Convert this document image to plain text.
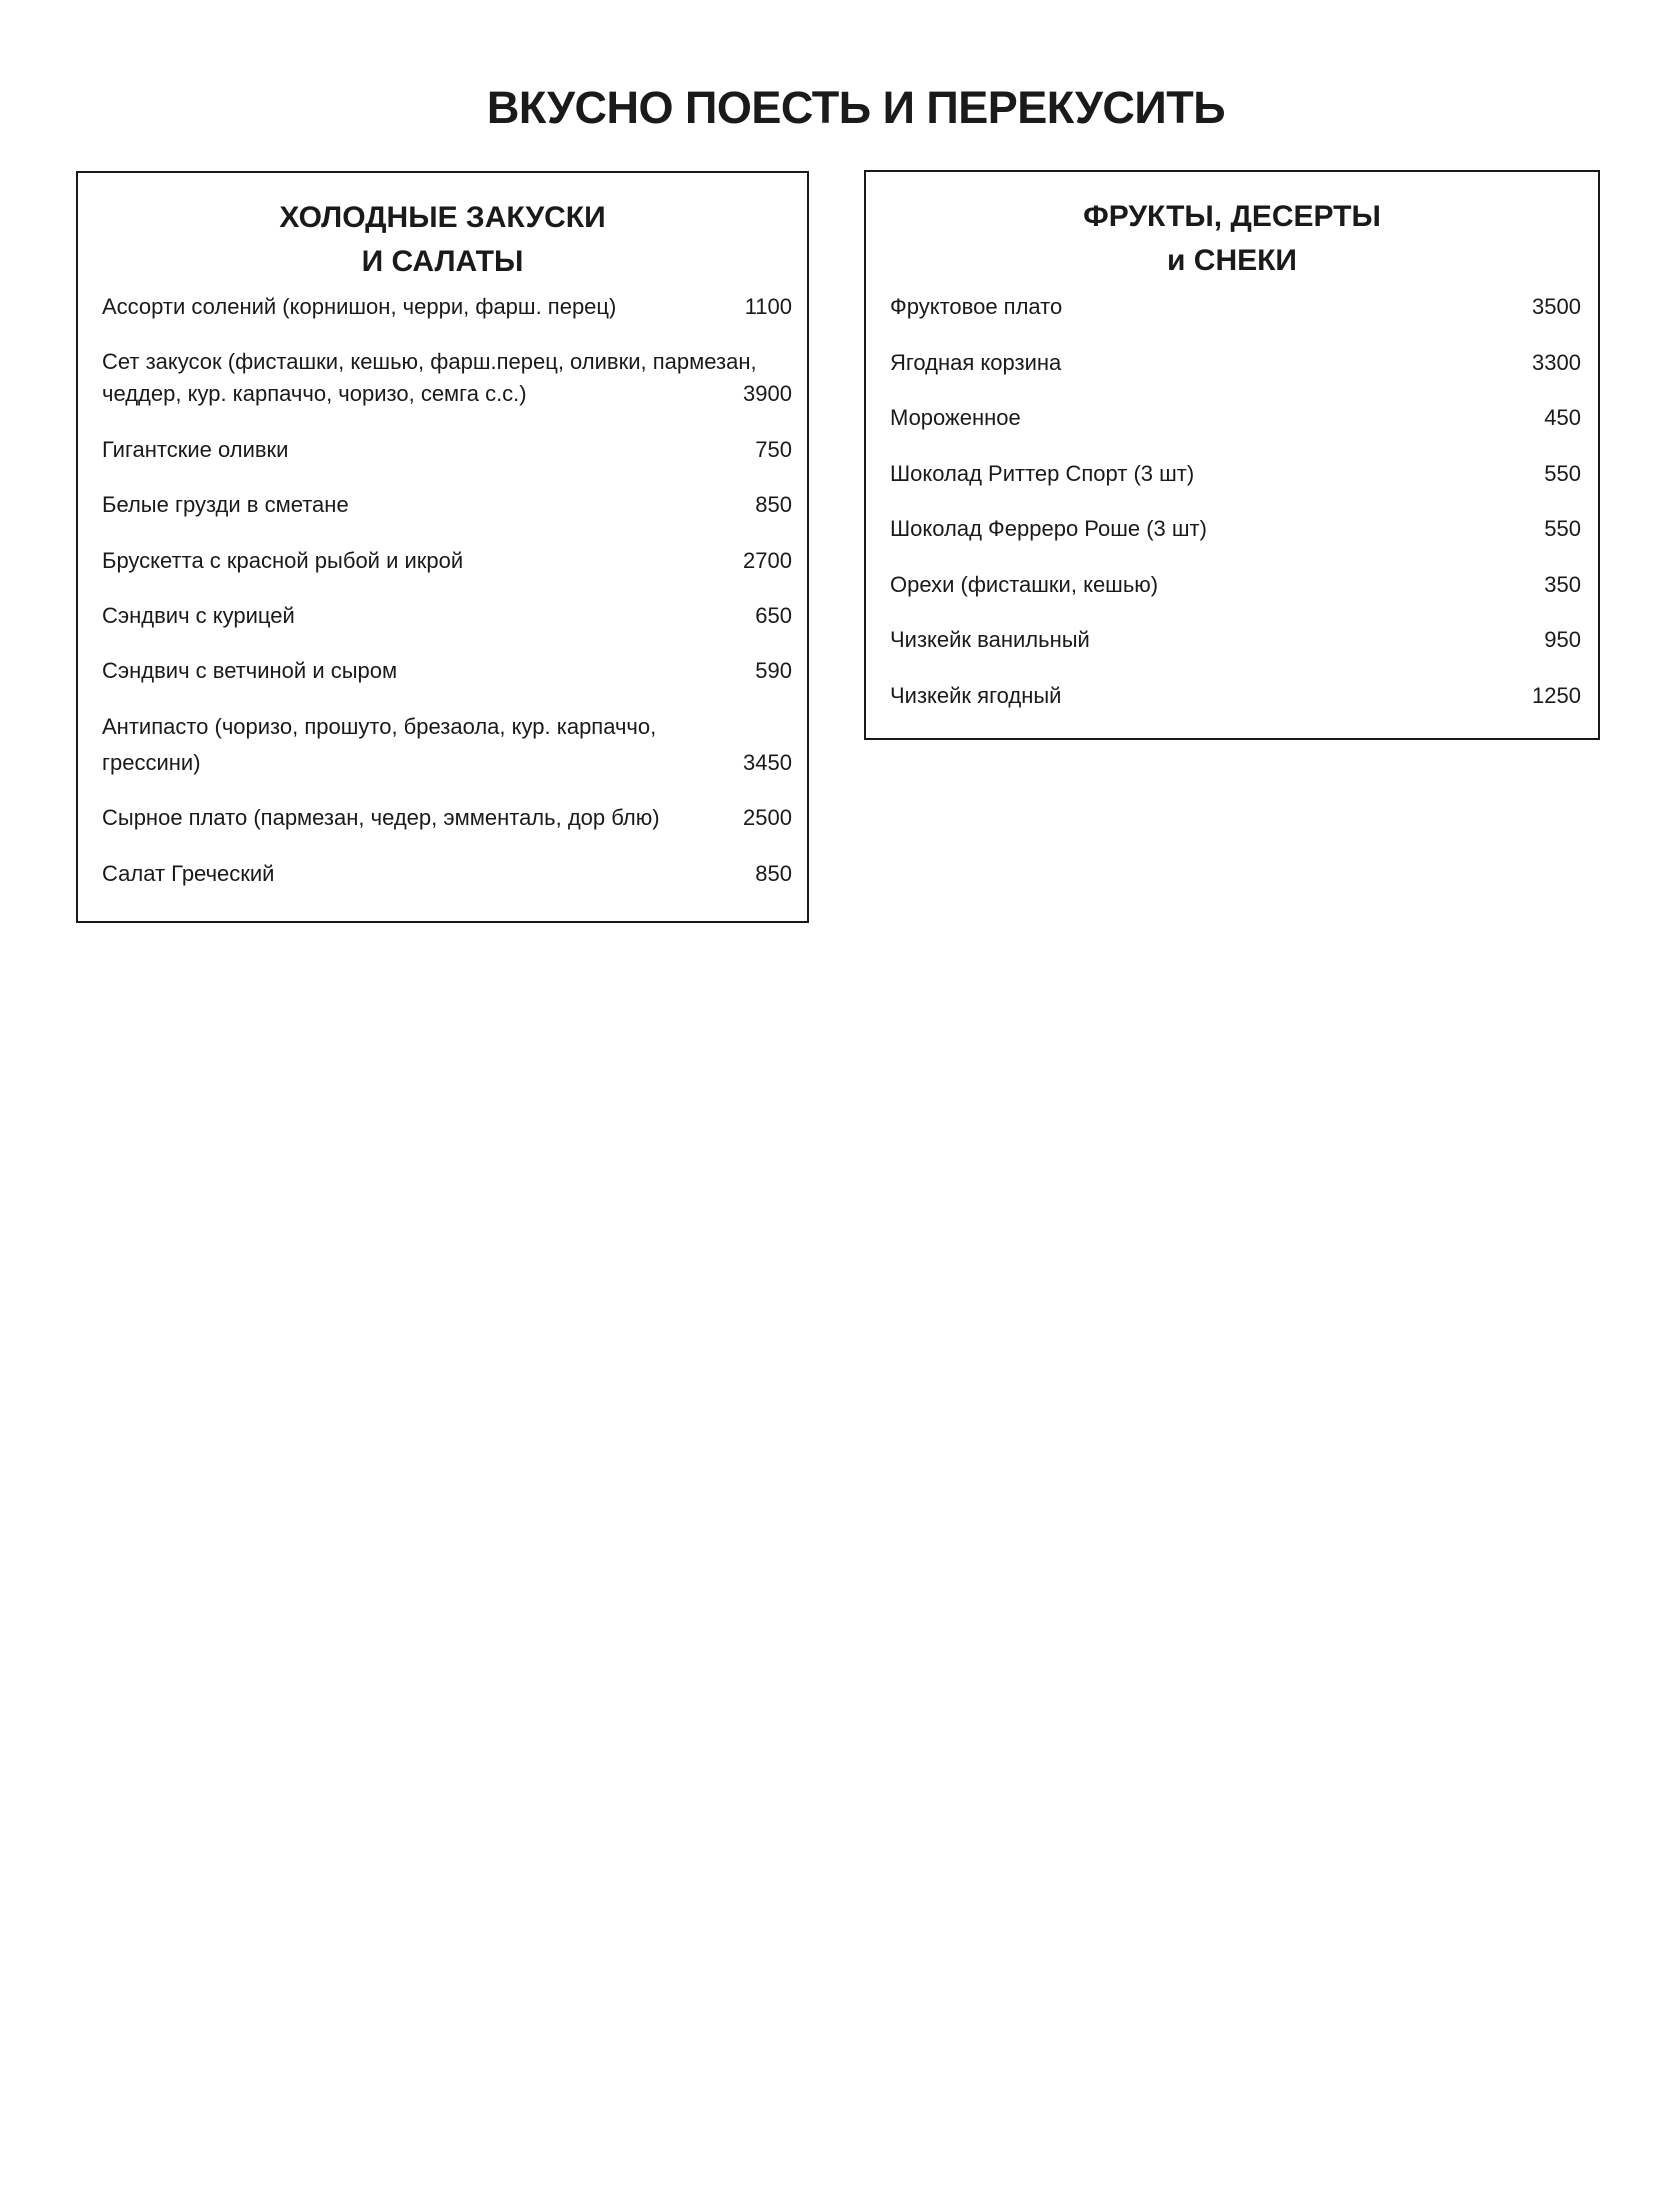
ВКУСНО ПОЕСТЬ И ПЕРЕКУСИТЬ
ХОЛОДНЫЕ ЗАКУСКИ
И САЛАТЫ
Ассорти солений (корнишон, черри, фарш. перец)	1100
Сет закусок (фисташки, кешью, фарш.перец, оливки, пармезан,
чеддер, кур. карпаччо, чоризо, семга с.с.)	3900
Гигантские оливки	750
Белые грузди в сметане	850
Брускетта с красной рыбой и икрой	2700
Сэндвич с курицей	650
Сэндвич с ветчиной и сыром	590
Антипасто (чоризо, прошуто, брезаола, кур. карпаччо,
грессини)	3450
Сырное плато (пармезан, чедер, эмменталь, дор блю)	2500
Салат Греческий	850
ФРУКТЫ, ДЕСЕРТЫ
и СНЕКИ
Фруктовое плато	3500
Ягодная корзина	3300
Мороженное	450
Шоколад Риттер Спорт (3 шт)	550
Шоколад Ферреро Роше (3 шт)	550
Орехи (фисташки, кешью)	350
Чизкейк ванильный	950
Чизкейк ягодный	1250
